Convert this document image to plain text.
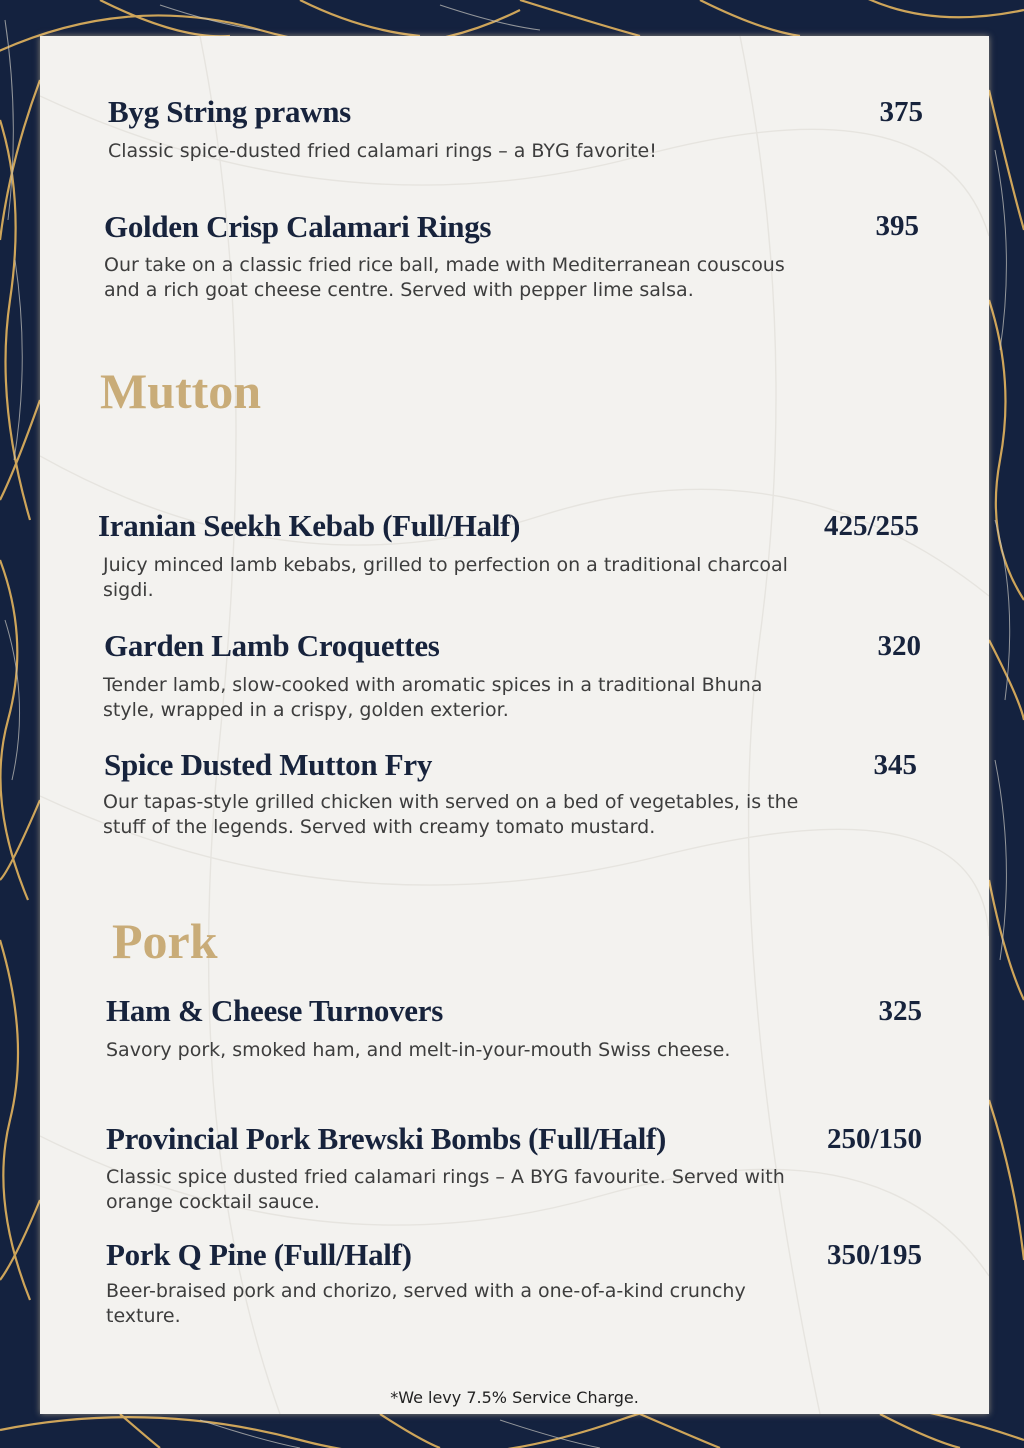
Byg String prawns	375
Classic spice-dusted fried calamari rings – a BYG favorite!
Golden Crisp Calamari Rings	395
Our take on a classic fried rice ball, made with Mediterranean couscous and a rich goat cheese centre. Served with pepper lime salsa.
Mutton
Iranian Seekh Kebab (Full/Half)	425/255
Juicy minced lamb kebabs, grilled to perfection on a traditional charcoal sigdi.
Garden Lamb Croquettes	320
Tender lamb, slow-cooked with aromatic spices in a traditional Bhuna style, wrapped in a crispy, golden exterior.
Spice Dusted Mutton Fry	345
Our tapas-style grilled chicken with served on a bed of vegetables, is the stuff of the legends. Served with creamy tomato mustard.
Pork
Ham & Cheese Turnovers	325
Savory pork, smoked ham, and melt-in-your-mouth Swiss cheese.
Provincial Pork Brewski Bombs (Full/Half)	250/150
Classic spice dusted fried calamari rings – A BYG favourite. Served with orange cocktail sauce.
Pork Q Pine (Full/Half)	350/195
Beer-braised pork and chorizo, served with a one-of-a-kind crunchy texture.
*We levy 7.5% Service Charge.
